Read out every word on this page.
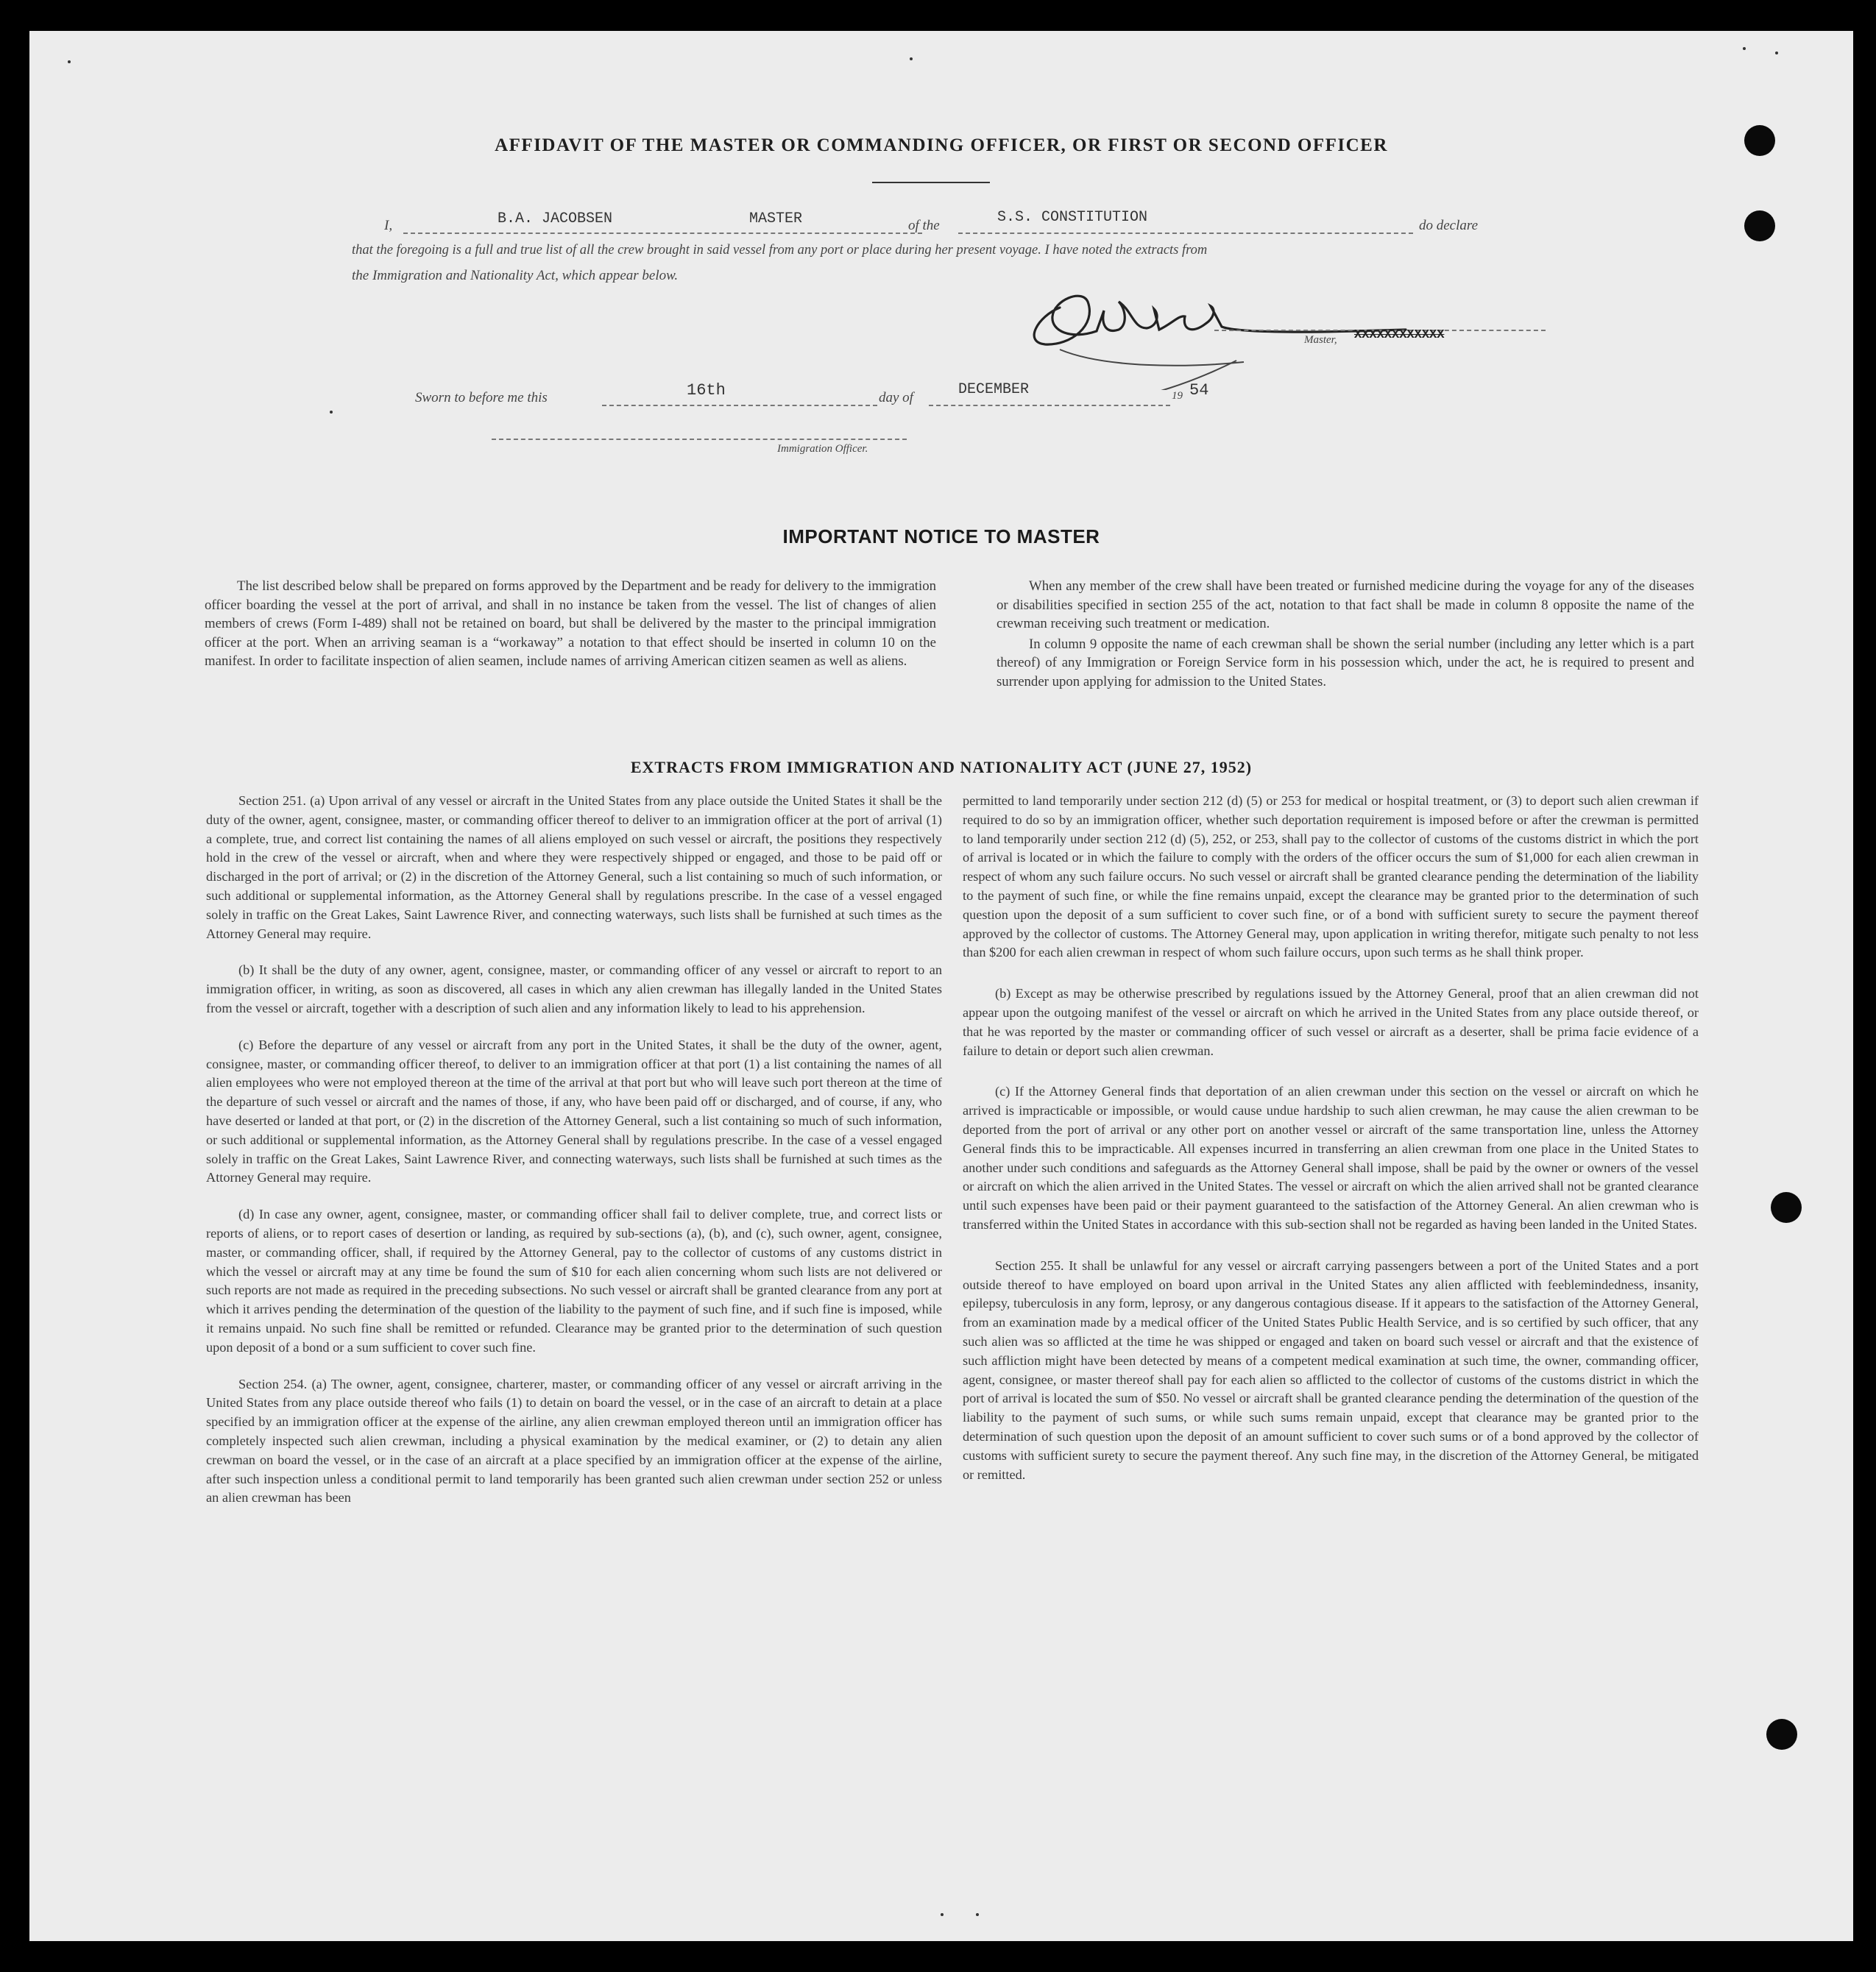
AFFIDAVIT OF THE MASTER OR COMMANDING OFFICER, OR FIRST OR SECOND OFFICER
I,	B.A. JACOBSEN	MASTER	of the	S.S. CONSTITUTION	do declare
that the foregoing is a full and true list of all the crew brought in said vessel from any port or place during her present voyage. I have noted the extracts from
the Immigration and Nationality Act, which appear below.
Master, XXXXXXXXXXXX
Sworn to before me this	16th	day of	DECEMBER	19 54
Immigration Officer.
IMPORTANT NOTICE TO MASTER

The list described below shall be prepared on forms approved by the Department and be ready for delivery to the immigration officer boarding the vessel at the port of arrival, and shall in no instance be taken from the vessel. The list of changes of alien members of crews (Form I-489) shall not be retained on board, but shall be delivered by the master to the principal immigration officer at the port. When an arriving seaman is a “workaway” a notation to that effect should be inserted in column 10 on the manifest. In order to facilitate inspection of alien seamen, include names of arriving American citizen seamen as well as aliens.

When any member of the crew shall have been treated or furnished medicine during the voyage for any of the diseases or disabilities specified in section 255 of the act, notation to that fact shall be made in column 8 opposite the name of the crewman receiving such treatment or medication.

In column 9 opposite the name of each crewman shall be shown the serial number (including any letter which is a part thereof) of any Immigration or Foreign Service form in his possession which, under the act, he is required to present and surrender upon applying for admission to the United States.

EXTRACTS FROM IMMIGRATION AND NATIONALITY ACT (JUNE 27, 1952)

Section 251. (a) Upon arrival of any vessel or aircraft in the United States from any place outside the United States it shall be the duty of the owner, agent, consignee, master, or commanding officer thereof to deliver to an immigration officer at the port of arrival (1) a complete, true, and correct list containing the names of all aliens employed on such vessel or aircraft, the positions they respectively hold in the crew of the vessel or aircraft, when and where they were respectively shipped or engaged, and those to be paid off or discharged in the port of arrival; or (2) in the discretion of the Attorney General, such a list containing so much of such information, or such additional or supplemental information, as the Attorney General shall by regulations prescribe. In the case of a vessel engaged solely in traffic on the Great Lakes, Saint Lawrence River, and connecting waterways, such lists shall be furnished at such times as the Attorney General may require.

(b) It shall be the duty of any owner, agent, consignee, master, or commanding officer of any vessel or aircraft to report to an immigration officer, in writing, as soon as discovered, all cases in which any alien crewman has illegally landed in the United States from the vessel or aircraft, together with a description of such alien and any information likely to lead to his apprehension.

(c) Before the departure of any vessel or aircraft from any port in the United States, it shall be the duty of the owner, agent, consignee, master, or commanding officer thereof, to deliver to an immigration officer at that port (1) a list containing the names of all alien employees who were not employed thereon at the time of the arrival at that port but who will leave such port thereon at the time of the departure of such vessel or aircraft and the names of those, if any, who have been paid off or discharged, and of course, if any, who have deserted or landed at that port, or (2) in the discretion of the Attorney General, such a list containing so much of such information, or such additional or supplemental information, as the Attorney General shall by regulations prescribe. In the case of a vessel engaged solely in traffic on the Great Lakes, Saint Lawrence River, and connecting waterways, such lists shall be furnished at such times as the Attorney General may require.

(d) In case any owner, agent, consignee, master, or commanding officer shall fail to deliver complete, true, and correct lists or reports of aliens, or to report cases of desertion or landing, as required by sub-sections (a), (b), and (c), such owner, agent, consignee, master, or commanding officer, shall, if required by the Attorney General, pay to the collector of customs of any customs district in which the vessel or aircraft may at any time be found the sum of $10 for each alien concerning whom such lists are not delivered or such reports are not made as required in the preceding subsections. No such vessel or aircraft shall be granted clearance from any port at which it arrives pending the determination of the question of the liability to the payment of such fine, and if such fine is imposed, while it remains unpaid. No such fine shall be remitted or refunded. Clearance may be granted prior to the determination of such question upon deposit of a bond or a sum sufficient to cover such fine.

Section 254. (a) The owner, agent, consignee, charterer, master, or commanding officer of any vessel or aircraft arriving in the United States from any place outside thereof who fails (1) to detain on board the vessel, or in the case of an aircraft to detain at a place specified by an immigration officer at the expense of the airline, any alien crewman employed thereon until an immigration officer has completely inspected such alien crewman, including a physical examination by the medical examiner, or (2) to detain any alien crewman on board the vessel, or in the case of an aircraft at a place specified by an immigration officer at the expense of the airline, after such inspection unless a conditional permit to land temporarily has been granted such alien crewman under section 252 or unless an alien crewman has been

permitted to land temporarily under section 212 (d) (5) or 253 for medical or hospital treatment, or (3) to deport such alien crewman if required to do so by an immigration officer, whether such deportation requirement is imposed before or after the crewman is permitted to land temporarily under section 212 (d) (5), 252, or 253, shall pay to the collector of customs of the customs district in which the port of arrival is located or in which the failure to comply with the orders of the officer occurs the sum of $1,000 for each alien crewman in respect of whom any such failure occurs. No such vessel or aircraft shall be granted clearance pending the determination of the liability to the payment of such fine, or while the fine remains unpaid, except the clearance may be granted prior to the determination of such question upon the deposit of a sum sufficient to cover such fine, or of a bond with sufficient surety to secure the payment thereof approved by the collector of customs. The Attorney General may, upon application in writing therefor, mitigate such penalty to not less than $200 for each alien crewman in respect of whom such failure occurs, upon such terms as he shall think proper.

(b) Except as may be otherwise prescribed by regulations issued by the Attorney General, proof that an alien crewman did not appear upon the outgoing manifest of the vessel or aircraft on which he arrived in the United States from any place outside thereof, or that he was reported by the master or commanding officer of such vessel or aircraft as a deserter, shall be prima facie evidence of a failure to detain or deport such alien crewman.

(c) If the Attorney General finds that deportation of an alien crewman under this section on the vessel or aircraft on which he arrived is impracticable or impossible, or would cause undue hardship to such alien crewman, he may cause the alien crewman to be deported from the port of arrival or any other port on another vessel or aircraft of the same transportation line, unless the Attorney General finds this to be impracticable. All expenses incurred in transferring an alien crewman from one place in the United States to another under such conditions and safeguards as the Attorney General shall impose, shall be paid by the owner or owners of the vessel or aircraft on which the alien arrived in the United States. The vessel or aircraft on which the alien arrived shall not be granted clearance until such expenses have been paid or their payment guaranteed to the satisfaction of the Attorney General. An alien crewman who is transferred within the United States in accordance with this sub-section shall not be regarded as having been landed in the United States.

Section 255. It shall be unlawful for any vessel or aircraft carrying passengers between a port of the United States and a port outside thereof to have employed on board upon arrival in the United States any alien afflicted with feeblemindedness, insanity, epilepsy, tuberculosis in any form, leprosy, or any dangerous contagious disease. If it appears to the satisfaction of the Attorney General, from an examination made by a medical officer of the United States Public Health Service, and is so certified by such officer, that any such alien was so afflicted at the time he was shipped or engaged and taken on board such vessel or aircraft and that the existence of such affliction might have been detected by means of a competent medical examination at such time, the owner, commanding officer, agent, consignee, or master thereof shall pay for each alien so afflicted to the collector of customs of the customs district in which the port of arrival is located the sum of $50. No vessel or aircraft shall be granted clearance pending the determination of the question of the liability to the payment of such sums, or while such sums remain unpaid, except that clearance may be granted prior to the determination of such question upon the deposit of an amount sufficient to cover such sums or of a bond approved by the collector of customs with sufficient surety to secure the payment thereof. Any such fine may, in the discretion of the Attorney General, be mitigated or remitted.
